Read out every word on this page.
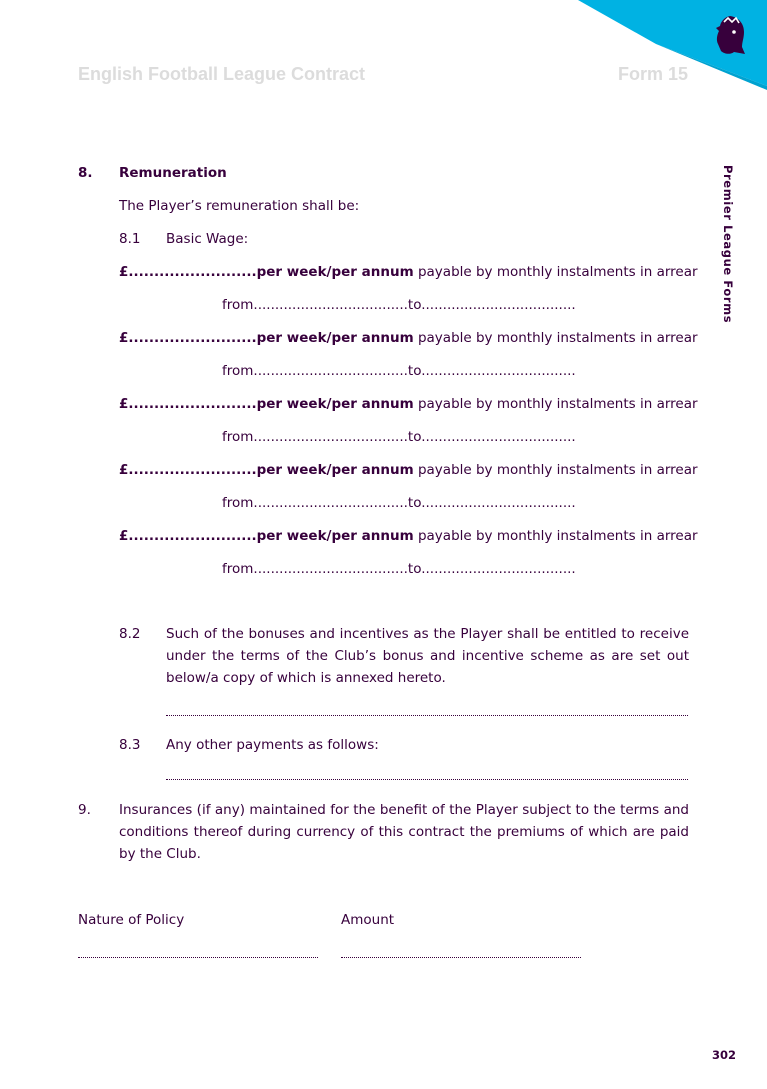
English Football League Contract	Form 15
Premier League Forms
8. Remuneration
The Player’s remuneration shall be:
8.1 Basic Wage:
£.........................per week/per annum payable by monthly instalments in arrear
from....................................to....................................
£.........................per week/per annum payable by monthly instalments in arrear
from....................................to....................................
£.........................per week/per annum payable by monthly instalments in arrear
from....................................to....................................
£.........................per week/per annum payable by monthly instalments in arrear
from....................................to....................................
£.........................per week/per annum payable by monthly instalments in arrear
from....................................to....................................
8.2 Such of the bonuses and incentives as the Player shall be entitled to receive under the terms of the Club’s bonus and incentive scheme as are set out below/a copy of which is annexed hereto.
8.3 Any other payments as follows:
9. Insurances (if any) maintained for the benefit of the Player subject to the terms and conditions thereof during currency of this contract the premiums of which are paid by the Club.
Nature of Policy	Amount
302
